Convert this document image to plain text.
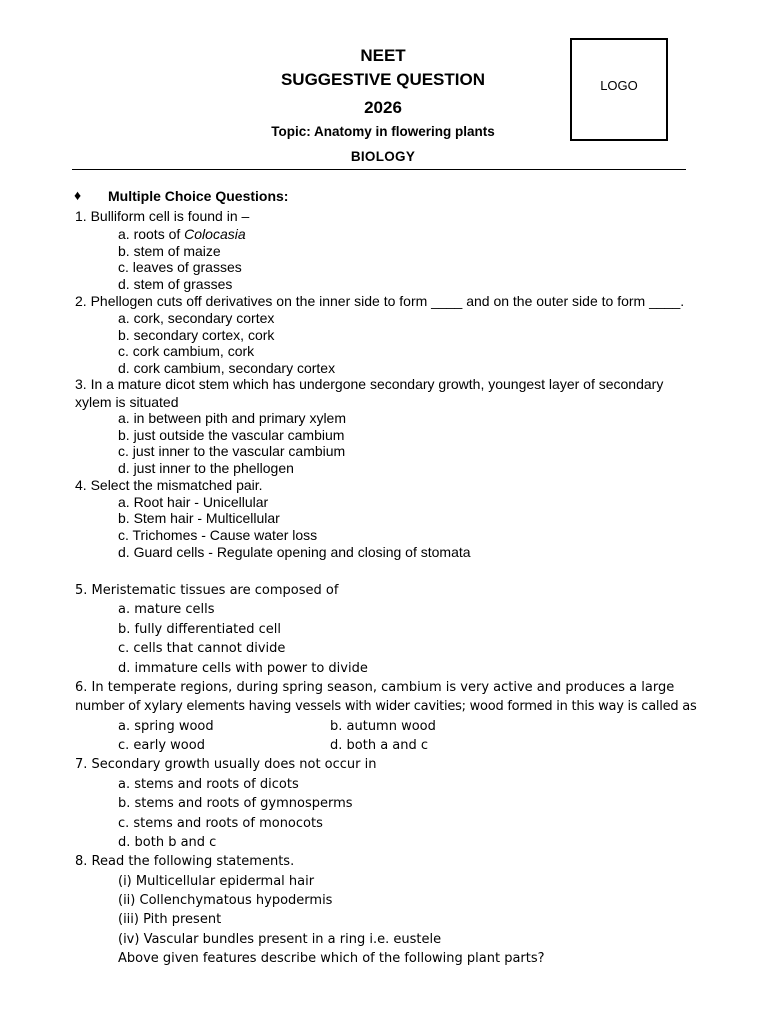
NEET
SUGGESTIVE QUESTION
2026
Topic: Anatomy in flowering plants
BIOLOGY
LOGO
♦ Multiple Choice Questions:
1. Bulliform cell is found in –
a. roots of Colocasia
b. stem of maize
c. leaves of grasses
d. stem of grasses
2. Phellogen cuts off derivatives on the inner side to form ____ and on the outer side to form ____.
a. cork, secondary cortex
b. secondary cortex, cork
c. cork cambium, cork
d. cork cambium, secondary cortex
3. In a mature dicot stem which has undergone secondary growth, youngest layer of secondary
xylem is situated
a. in between pith and primary xylem
b. just outside the vascular cambium
c. just inner to the vascular cambium
d. just inner to the phellogen
4. Select the mismatched pair.
a. Root hair - Unicellular
b. Stem hair - Multicellular
c. Trichomes - Cause water loss
d. Guard cells - Regulate opening and closing of stomata
5. Meristematic tissues are composed of
a. mature cells
b. fully differentiated cell
c. cells that cannot divide
d. immature cells with power to divide
6. In temperate regions, during spring season, cambium is very active and produces a large
number of xylary elements having vessels with wider cavities; wood formed in this way is called as
a. spring wood	b. autumn wood
c. early wood	d. both a and c
7. Secondary growth usually does not occur in
a. stems and roots of dicots
b. stems and roots of gymnosperms
c. stems and roots of monocots
d. both b and c
8. Read the following statements.
(i) Multicellular epidermal hair
(ii) Collenchymatous hypodermis
(iii) Pith present
(iv) Vascular bundles present in a ring i.e. eustele
Above given features describe which of the following plant parts?
